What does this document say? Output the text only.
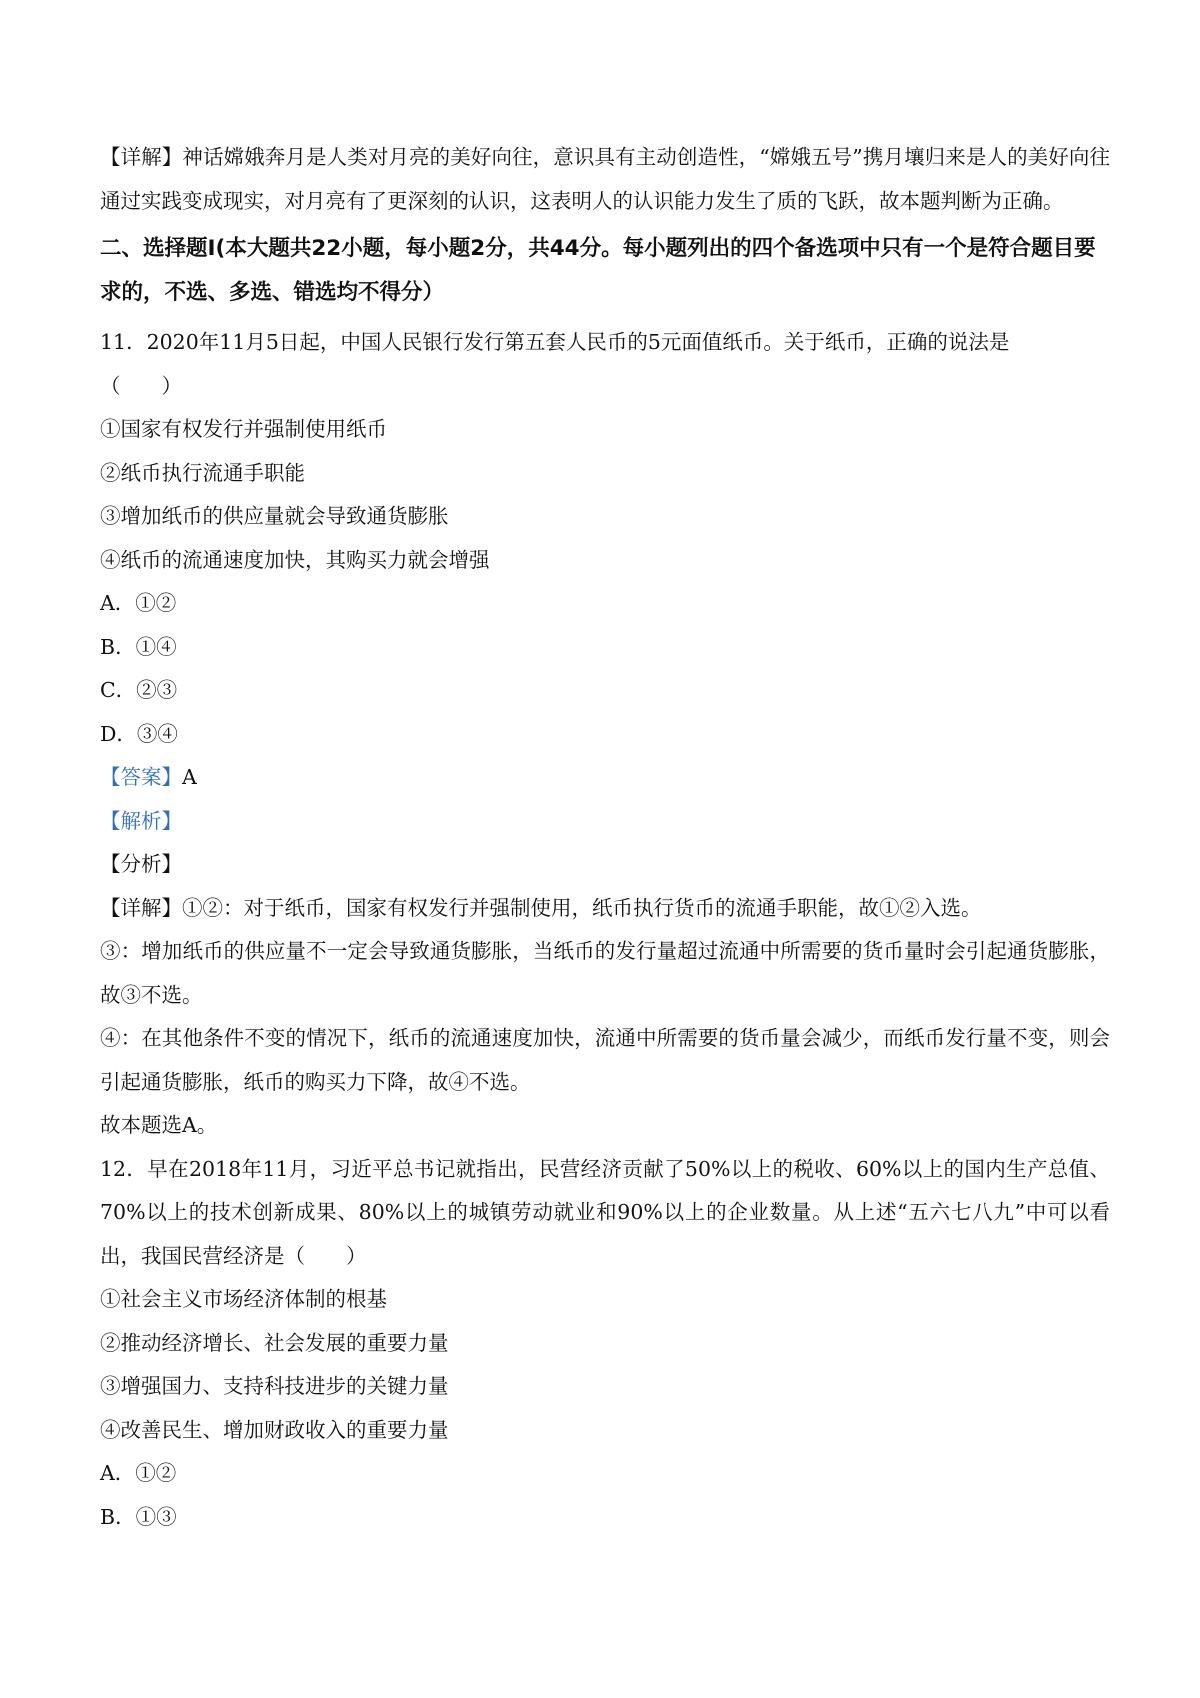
【详解】神话嫦娥奔月是人类对月亮的美好向往，意识具有主动创造性，“嫦娥五号”携月壤归来是人的美好向往通过实践变成现实，对月亮有了更深刻的认识，这表明人的认识能力发生了质的飞跃，故本题判断为正确。
二、选择题I(本大题共22小题，每小题2分，共44分。每小题列出的四个备选项中只有一个是符合题目要求的，不选、多选、错选均不得分）
11．2020年11月5日起，中国人民银行发行第五套人民币的5元面值纸币。关于纸币，正确的说法是
（　　）
①国家有权发行并强制使用纸币
②纸币执行流通手职能
③增加纸币的供应量就会导致通货膨胀
④纸币的流通速度加快，其购买力就会增强
A．①②
B．①④
C．②③
D．③④
【答案】A
【解析】
【分析】
【详解】①②：对于纸币，国家有权发行并强制使用，纸币执行货币的流通手职能，故①②入选。
③：增加纸币的供应量不一定会导致通货膨胀，当纸币的发行量超过流通中所需要的货币量时会引起通货膨胀，故③不选。
④：在其他条件不变的情况下，纸币的流通速度加快，流通中所需要的货币量会减少，而纸币发行量不变，则会引起通货膨胀，纸币的购买力下降，故④不选。
故本题选A。
12．早在2018年11月，习近平总书记就指出，民营经济贡献了50%以上的税收、60%以上的国内生产总值、70%以上的技术创新成果、80%以上的城镇劳动就业和90%以上的企业数量。从上述“五六七八九”中可以看出，我国民营经济是（　　）
①社会主义市场经济体制的根基
②推动经济增长、社会发展的重要力量
③增强国力、支持科技进步的关键力量
④改善民生、增加财政收入的重要力量
A．①②
B．①③
